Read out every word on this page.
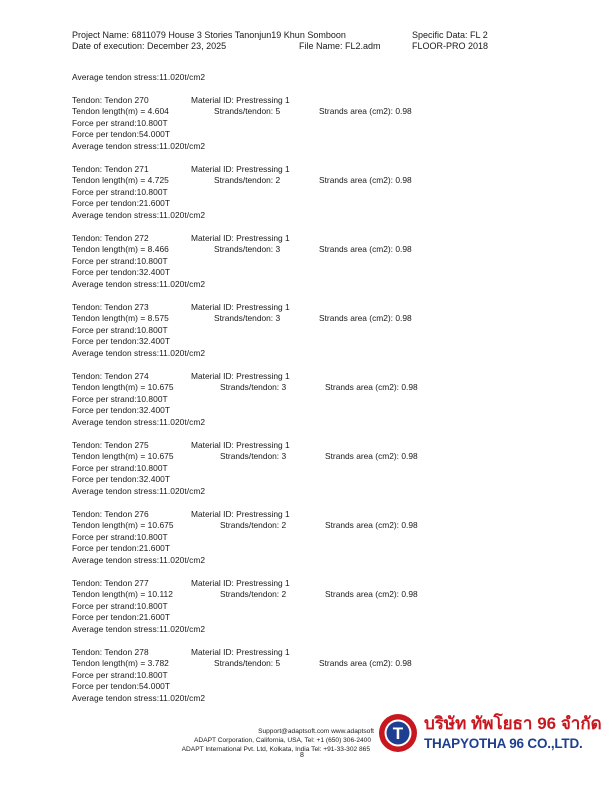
Project Name: 6811079 House 3 Stories Tanonjun19 Khun Somboon	Specific Data: FL 2
Date of execution: December 23, 2025	File Name: FL2.adm	FLOOR-PRO 2018
Average tendon stress:11.020t/cm2
Tendon: Tendon 270	Material ID: Prestressing 1
Tendon length(m) = 4.604	Strands/tendon: 5	Strands area (cm2): 0.98
Force per strand:10.800T
Force per tendon:54.000T
Average tendon stress:11.020t/cm2
Tendon: Tendon 271	Material ID: Prestressing 1
Tendon length(m) = 4.725	Strands/tendon: 2	Strands area (cm2): 0.98
Force per strand:10.800T
Force per tendon:21.600T
Average tendon stress:11.020t/cm2
Tendon: Tendon 272	Material ID: Prestressing 1
Tendon length(m) = 8.466	Strands/tendon: 3	Strands area (cm2): 0.98
Force per strand:10.800T
Force per tendon:32.400T
Average tendon stress:11.020t/cm2
Tendon: Tendon 273	Material ID: Prestressing 1
Tendon length(m) = 8.575	Strands/tendon: 3	Strands area (cm2): 0.98
Force per strand:10.800T
Force per tendon:32.400T
Average tendon stress:11.020t/cm2
Tendon: Tendon 274	Material ID: Prestressing 1
Tendon length(m) = 10.675	Strands/tendon: 3	Strands area (cm2): 0.98
Force per strand:10.800T
Force per tendon:32.400T
Average tendon stress:11.020t/cm2
Tendon: Tendon 275	Material ID: Prestressing 1
Tendon length(m) = 10.675	Strands/tendon: 3	Strands area (cm2): 0.98
Force per strand:10.800T
Force per tendon:32.400T
Average tendon stress:11.020t/cm2
Tendon: Tendon 276	Material ID: Prestressing 1
Tendon length(m) = 10.675	Strands/tendon: 2	Strands area (cm2): 0.98
Force per strand:10.800T
Force per tendon:21.600T
Average tendon stress:11.020t/cm2
Tendon: Tendon 277	Material ID: Prestressing 1
Tendon length(m) = 10.112	Strands/tendon: 2	Strands area (cm2): 0.98
Force per strand:10.800T
Force per tendon:21.600T
Average tendon stress:11.020t/cm2
Tendon: Tendon 278	Material ID: Prestressing 1
Tendon length(m) = 3.782	Strands/tendon: 5	Strands area (cm2): 0.98
Force per strand:10.800T
Force per tendon:54.000T
Average tendon stress:11.020t/cm2
Support@adaptsoft.com www.adaptsoft
ADAPT Corporation, California, USA, Tel: +1 (650) 306-2400
ADAPT International Pvt. Ltd, Kolkata, India Tel: +91-33-302 865
8
T
บริษัท ทัพโยธา 96 จำกัด
THAPYOTHA 96 CO.,LTD.
